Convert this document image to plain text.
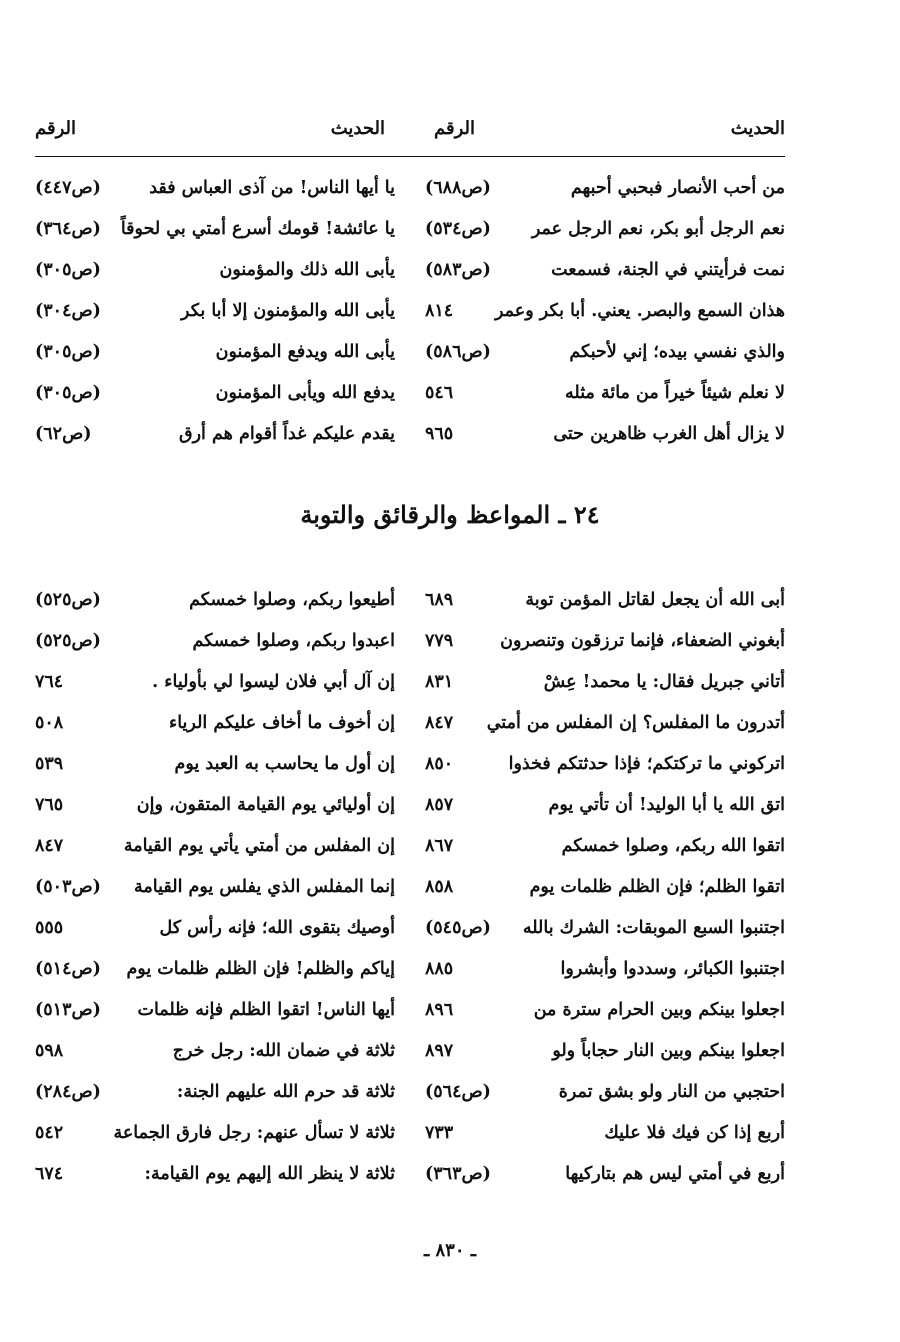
الحديث
الرقم
الحديث
الرقم
من أحب الأنصار فبحبي أحبهم
(ص٦٨٨)
نعم الرجل أبو بكر، نعم الرجل عمر
(ص٥٣٤)
نمت فرأيتني في الجنة، فسمعت
(ص٥٨٣)
هذان السمع والبصر. يعني. أبا بكر وعمر
٨١٤
والذي نفسي بيده؛ إني لأحبكم
(ص٥٨٦)
لا نعلم شيئاً خيراً من مائة مثله
٥٤٦
لا يزال أهل الغرب ظاهرين حتى
٩٦٥
يا أيها الناس! من آذى العباس فقد
(ص٤٤٧)
يا عائشة! قومك أسرع أمتي بي لحوقاً
(ص٣٦٤)
يأبى الله ذلك والمؤمنون
(ص٣٠٥)
يأبى الله والمؤمنون إلا أبا بكر
(ص٣٠٤)
يأبى الله ويدفع المؤمنون
(ص٣٠٥)
يدفع الله ويأبى المؤمنون
(ص٣٠٥)
يقدم عليكم غداً أقوام هم أرق
(ص٦٢)
٢٤ ـ المواعظ والرقائق والتوبة
أبى الله أن يجعل لقاتل المؤمن توبة
٦٨٩
أبغوني الضعفاء، فإنما ترزقون وتنصرون
٧٧٩
أتاني جبريل فقال: يا محمد! عِشْ
٨٣١
أتدرون ما المفلس؟ إن المفلس من أمتي
٨٤٧
اتركوني ما تركتكم؛ فإذا حدثتكم فخذوا
٨٥٠
اتق الله يا أبا الوليد! أن تأتي يوم
٨٥٧
اتقوا الله ربكم، وصلوا خمسكم
٨٦٧
اتقوا الظلم؛ فإن الظلم ظلمات يوم
٨٥٨
اجتنبوا السبع الموبقات: الشرك بالله
(ص٥٤٥)
اجتنبوا الكبائر، وسددوا وأبشروا
٨٨٥
اجعلوا بينكم وبين الحرام سترة من
٨٩٦
اجعلوا بينكم وبين النار حجاباً ولو
٨٩٧
احتجبي من النار ولو بشق تمرة
(ص٥٦٤)
أربع إذا كن فيك فلا عليك
٧٣٣
أربع في أمتي ليس هم بتاركيها
(ص٣٦٣)
أطيعوا ربكم، وصلوا خمسكم
(ص٥٢٥)
اعبدوا ربكم، وصلوا خمسكم
(ص٥٢٥)
إن آل أبي فلان ليسوا لي بأولياء .
٧٦٤
إن أخوف ما أخاف عليكم الرياء
٥٠٨
إن أول ما يحاسب به العبد يوم
٥٣٩
إن أوليائي يوم القيامة المتقون، وإن
٧٦٥
إن المفلس من أمتي يأتي يوم القيامة
٨٤٧
إنما المفلس الذي يفلس يوم القيامة
(ص٥٠٣)
أوصيك بتقوى الله؛ فإنه رأس كل
٥٥٥
إياكم والظلم! فإن الظلم ظلمات يوم
(ص٥١٤)
أيها الناس! اتقوا الظلم فإنه ظلمات
(ص٥١٣)
ثلاثة في ضمان الله: رجل خرج
٥٩٨
ثلاثة قد حرم الله عليهم الجنة:
(ص٢٨٤)
ثلاثة لا تسأل عنهم: رجل فارق الجماعة
٥٤٢
ثلاثة لا ينظر الله إليهم يوم القيامة:
٦٧٤
ـ ٨٣٠ ـ
